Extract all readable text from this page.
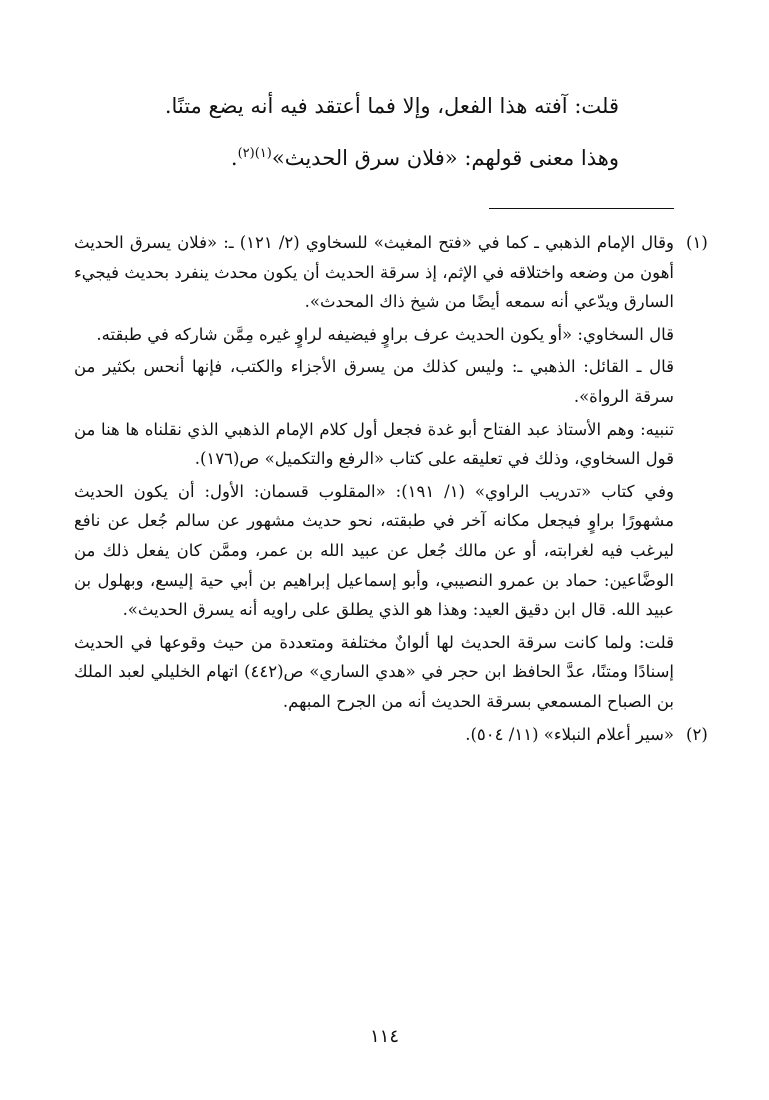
قلت: آفته هذا الفعل، وإلا فما أعتقد فيه أنه يضع متنًا.

وهذا معنى قولهم: «فلان سرق الحديث»$^{(١)(٢)}$.

(١)

وقال الإمام الذهبي ـ كما في «فتح المغيث» للسخاوي (٢/ ١٢١) ـ: «فلان يسرق الحديث أهون من وضعه واختلاقه في الإثم، إذ سرقة الحديث أن يكون محدث ينفرد بحديث فيجيء السارق ويدّعي أنه سمعه أيضًا من شيخ ذاك المحدث».

قال السخاوي: «أو يكون الحديث عرف براوٍ فيضيفه لراوٍ غيره مِمَّن شاركه في طبقته.

قال ـ القائل: الذهبي ـ: وليس كذلك من يسرق الأجزاء والكتب، فإنها أنحس بكثير من سرقة الرواة».

تنبيه: وهم الأستاذ عبد الفتاح أبو غدة فجعل أول كلام الإمام الذهبي الذي نقلناه ها هنا من قول السخاوي، وذلك في تعليقه على كتاب «الرفع والتكميل» ص(١٧٦).

وفي كتاب «تدريب الراوي» (١/ ١٩١): «المقلوب قسمان: الأول: أن يكون الحديث مشهورًا براوٍ فيجعل مكانه آخر في طبقته، نحو حديث مشهور عن سالم جُعل عن نافع ليرغب فيه لغرابته، أو عن مالك جُعل عن عبيد الله بن عمر، وممَّن كان يفعل ذلك من الوضَّاعين: حماد بن عمرو النصيبي، وأبو إسماعيل إبراهيم بن أبي حية إليسع، وبهلول بن عبيد الله. قال ابن دقيق العيد: وهذا هو الذي يطلق على راويه أنه يسرق الحديث».

قلت: ولما كانت سرقة الحديث لها ألوانٌ مختلفة ومتعددة من حيث وقوعها في الحديث إسنادًا ومتنًا، عدَّ الحافظ ابن حجر في «هدي الساري» ص(٤٤٢) اتهام الخليلي لعبد الملك بن الصباح المسمعي بسرقة الحديث أنه من الجرح المبهم.

(٢)

«سير أعلام النبلاء» (١١/ ٥٠٤).

١١٤
